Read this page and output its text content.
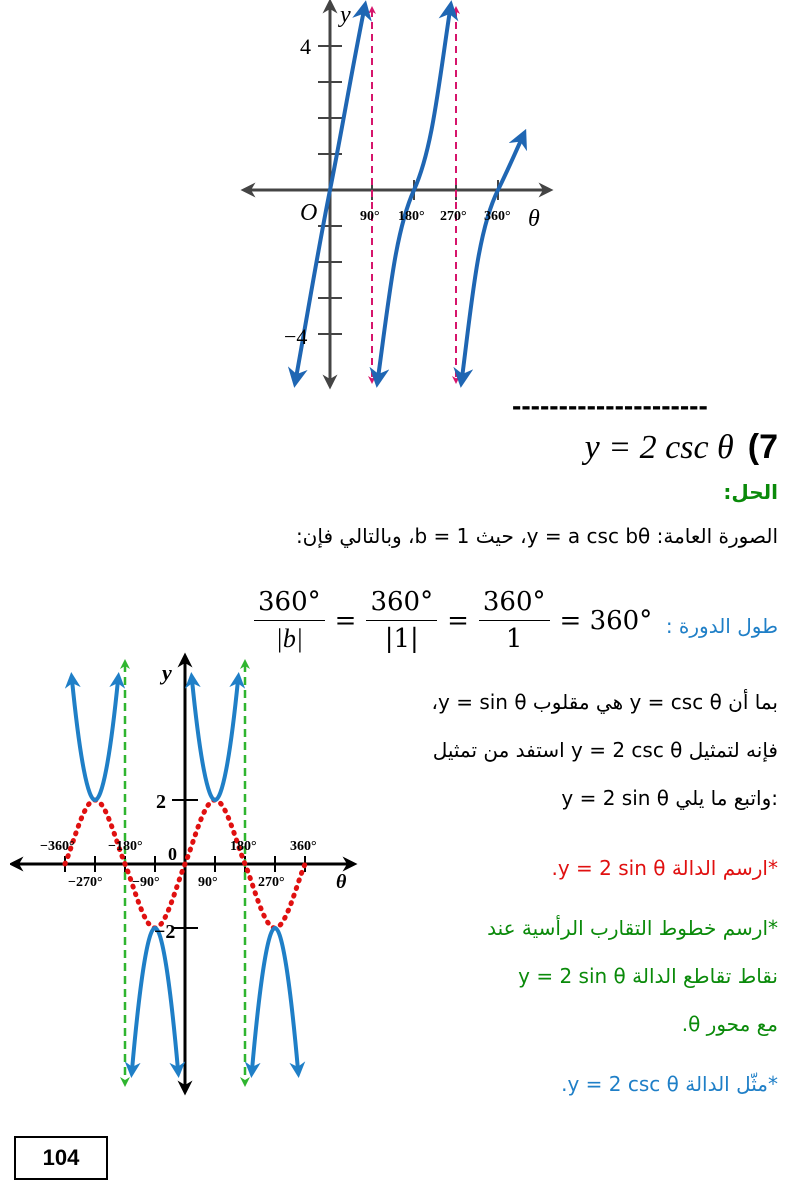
y
θ
O
4
−4
90° 180° 270° 360°
---------------------
y = 2 csc θ (7
الحل:
الصورة العامة: y = a csc bθ، حيث b = 1، وبالتالي فإن:
$\frac{360^\circ}{|b|} = \frac{360^\circ}{|1|} = \frac{360^\circ}{1} = 360^\circ$ طول الدورة :
بما أن y = csc θ هي مقلوب y = sin θ،
فإنه لتمثيل y = 2 csc θ استفد من تمثيل
y = 2 sin θ واتبع ما يلي:
*ارسم الدالة y = 2 sin θ.
*ارسم خطوط التقارب الرأسية عند
نقاط تقاطع الدالة y = 2 sin θ
مع محور θ.
*مثّل الدالة y = 2 csc θ.
y
θ
0
2
−2
−360° −180°	180° 360°
−270° −90°	90°	270°
104
